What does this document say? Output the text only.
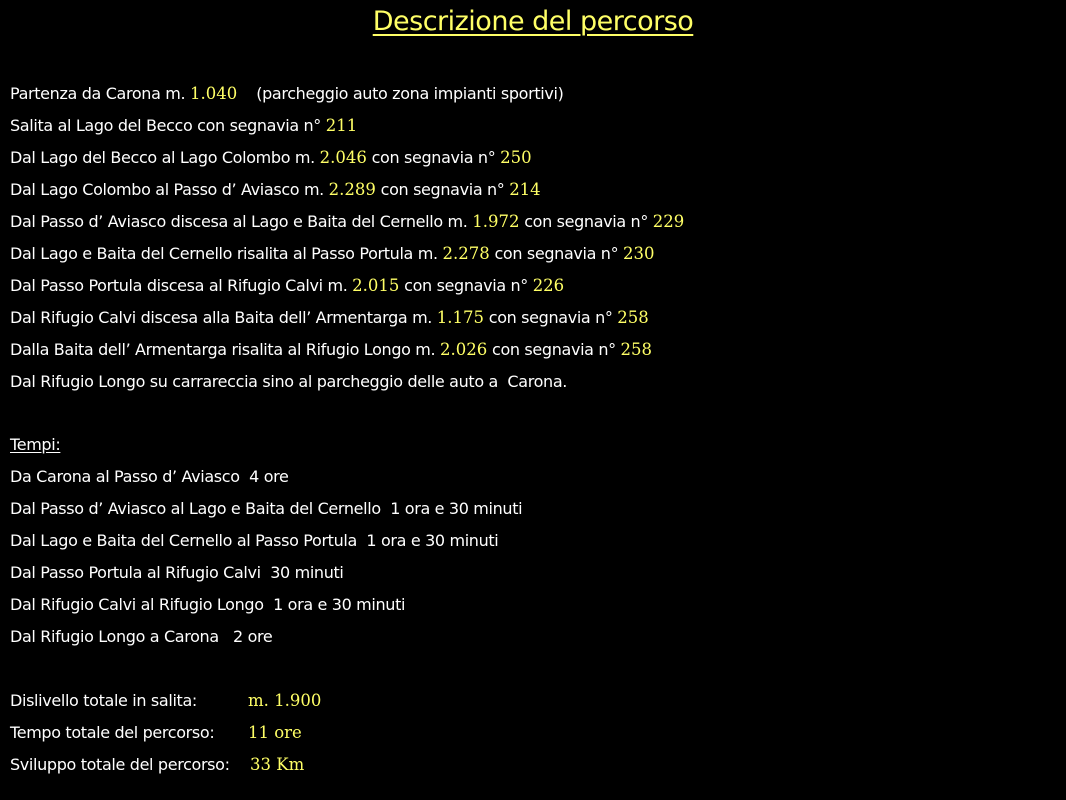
Descrizione del percorso
Partenza da Carona m. 1.040    (parcheggio auto zona impianti sportivi)
Salita al Lago del Becco con segnavia n° 211
Dal Lago del Becco al Lago Colombo m. 2.046 con segnavia n° 250
Dal Lago Colombo al Passo d’ Aviasco m. 2.289 con segnavia n° 214
Dal Passo d’ Aviasco discesa al Lago e Baita del Cernello m. 1.972 con segnavia n° 229
Dal Lago e Baita del Cernello risalita al Passo Portula m. 2.278 con segnavia n° 230
Dal Passo Portula discesa al Rifugio Calvi m. 2.015 con segnavia n° 226
Dal Rifugio Calvi discesa alla Baita dell’ Armentarga m. 1.175 con segnavia n° 258
Dalla Baita dell’ Armentarga risalita al Rifugio Longo m. 2.026 con segnavia n° 258
Dal Rifugio Longo su carrareccia sino al parcheggio delle auto a  Carona.
Tempi:
Da Carona al Passo d’ Aviasco  4 ore
Dal Passo d’ Aviasco al Lago e Baita del Cernello  1 ora e 30 minuti
Dal Lago e Baita del Cernello al Passo Portula  1 ora e 30 minuti
Dal Passo Portula al Rifugio Calvi  30 minuti
Dal Rifugio Calvi al Rifugio Longo  1 ora e 30 minuti
Dal Rifugio Longo a Carona   2 ore
Dislivello totale in salita:	m. 1.900
Tempo totale del percorso: 11 ore
Sviluppo totale del percorso: 33 Km
